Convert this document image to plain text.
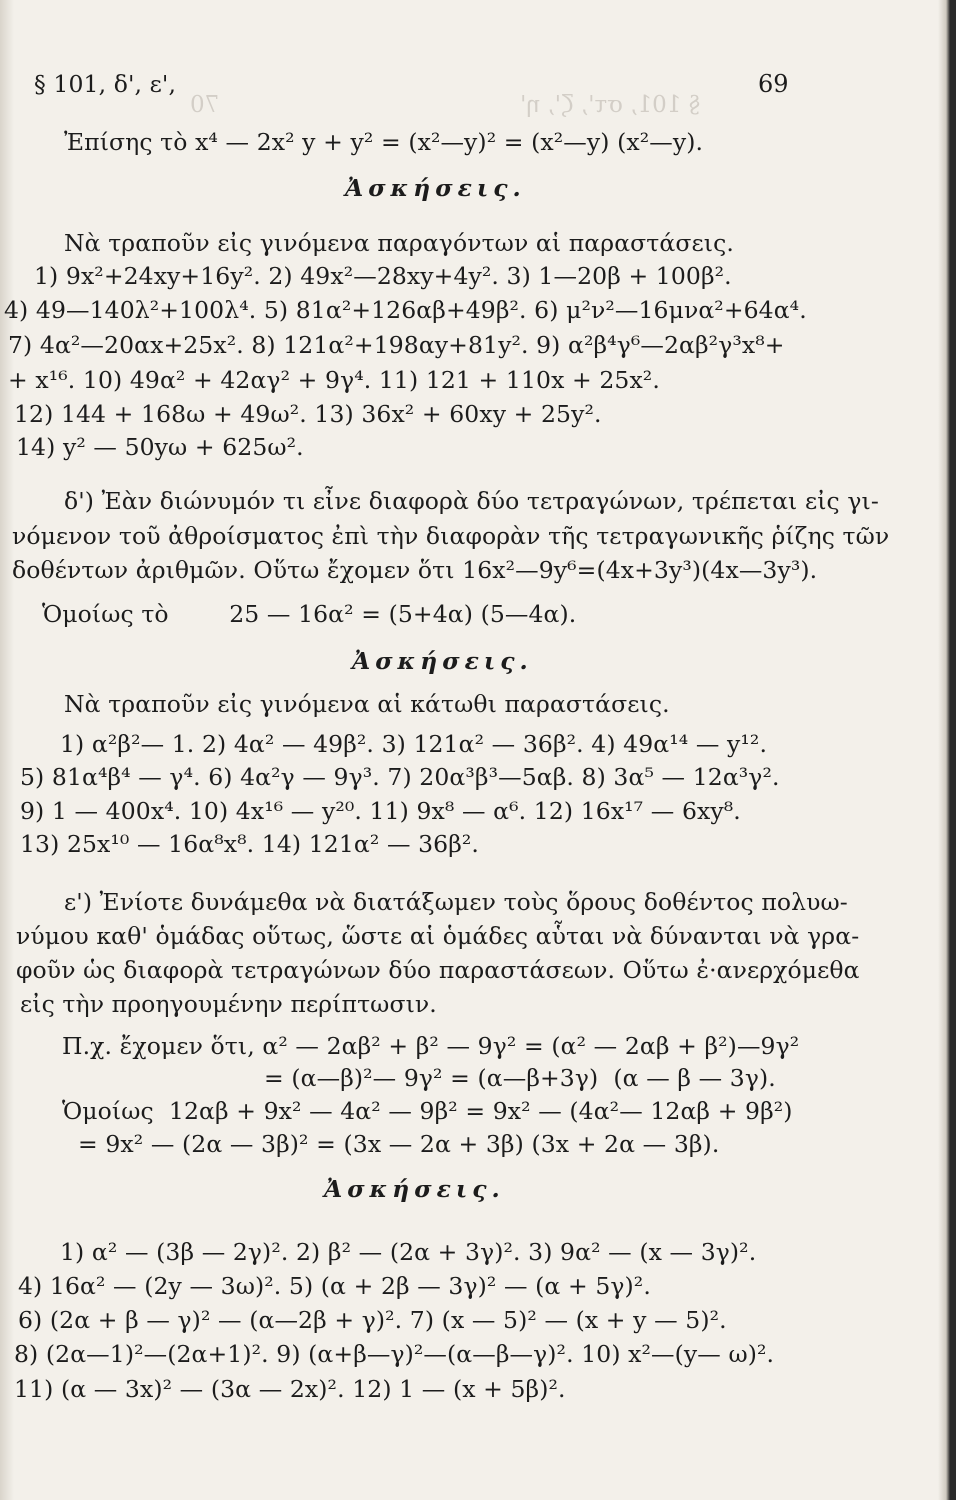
70	§ 101, στ', ζ', η'
§ 101, δ', ε',	69
Ἐπίσης τὸ x⁴ — 2x² y + y² = (x²—y)² = (x²—y) (x²—y).
Ἀσκήσεις.
Νὰ τραποῦν εἰς γινόμενα παραγόντων αἱ παραστάσεις.
1) 9x²+24xy+16y². 2) 49x²—28xy+4y². 3) 1—20β + 100β².
4) 49—140λ²+100λ⁴. 5) 81α²+126αβ+49β². 6) μ²ν²—16μνα²+64α⁴.
7) 4α²—20αx+25x². 8) 121α²+198αy+81y². 9) α²β⁴γ⁶—2αβ²γ³x⁸+
+ x¹⁶. 10) 49α² + 42αγ² + 9γ⁴. 11) 121 + 110x + 25x².
12) 144 + 168ω + 49ω². 13) 36x² + 60xy + 25y².
14) y² — 50yω + 625ω².
δ') Ἐὰν διώνυμόν τι εἶνε διαφορὰ δύο τετραγώνων, τρέπεται εἰς γι-
νόμενον τοῦ ἀθροίσματος ἐπὶ τὴν διαφορὰν τῆς τετραγωνικῆς ῥίζης τῶν
δοθέντων ἀριθμῶν. Οὕτω ἔχομεν ὅτι 16x²—9y⁶=(4x+3y³)(4x—3y³).
Ὁμοίως τὸ        25 — 16α² = (5+4α) (5—4α).
Ἀσκήσεις.
Νὰ τραποῦν εἰς γινόμενα αἱ κάτωθι παραστάσεις.
1) α²β²— 1. 2) 4α² — 49β². 3) 121α² — 36β². 4) 49α¹⁴ — y¹².
5) 81α⁴β⁴ — γ⁴. 6) 4α²γ — 9γ³. 7) 20α³β³—5αβ. 8) 3α⁵ — 12α³γ².
9) 1 — 400x⁴. 10) 4x¹⁶ — y²⁰. 11) 9x⁸ — α⁶. 12) 16x¹⁷ — 6xy⁸.
13) 25x¹⁰ — 16α⁸x⁸. 14) 121α² — 36β².
ε') Ἐνίοτε δυνάμεθα νὰ διατάξωμεν τοὺς ὅρους δοθέντος πολυω-
νύμου καθ' ὁμάδας οὕτως, ὥστε αἱ ὁμάδες αὗται νὰ δύνανται νὰ γρα-
φοῦν ὡς διαφορὰ τετραγώνων δύο παραστάσεων. Οὕτω ἐ·ανερχόμεθα
εἰς τὴν προηγουμένην περίπτωσιν.
Π.χ. ἔχομεν ὅτι, α² — 2αβ² + β² — 9γ² = (α² — 2αβ + β²)—9γ²
= (α—β)²— 9γ² = (α—β+3γ)  (α — β — 3γ).
Ὁμοίως  12αβ + 9x² — 4α² — 9β² = 9x² — (4α²— 12αβ + 9β²)
= 9x² — (2α — 3β)² = (3x — 2α + 3β) (3x + 2α — 3β).
Ἀσκήσεις.
1) α² — (3β — 2γ)². 2) β² — (2α + 3γ)². 3) 9α² — (x — 3γ)².
4) 16α² — (2y — 3ω)². 5) (α + 2β — 3γ)² — (α + 5γ)².
6) (2α + β — γ)² — (α—2β + γ)². 7) (x — 5)² — (x + y — 5)².
8) (2α—1)²—(2α+1)². 9) (α+β—γ)²—(α—β—γ)². 10) x²—(y— ω)².
11) (α — 3x)² — (3α — 2x)². 12) 1 — (x + 5β)².
